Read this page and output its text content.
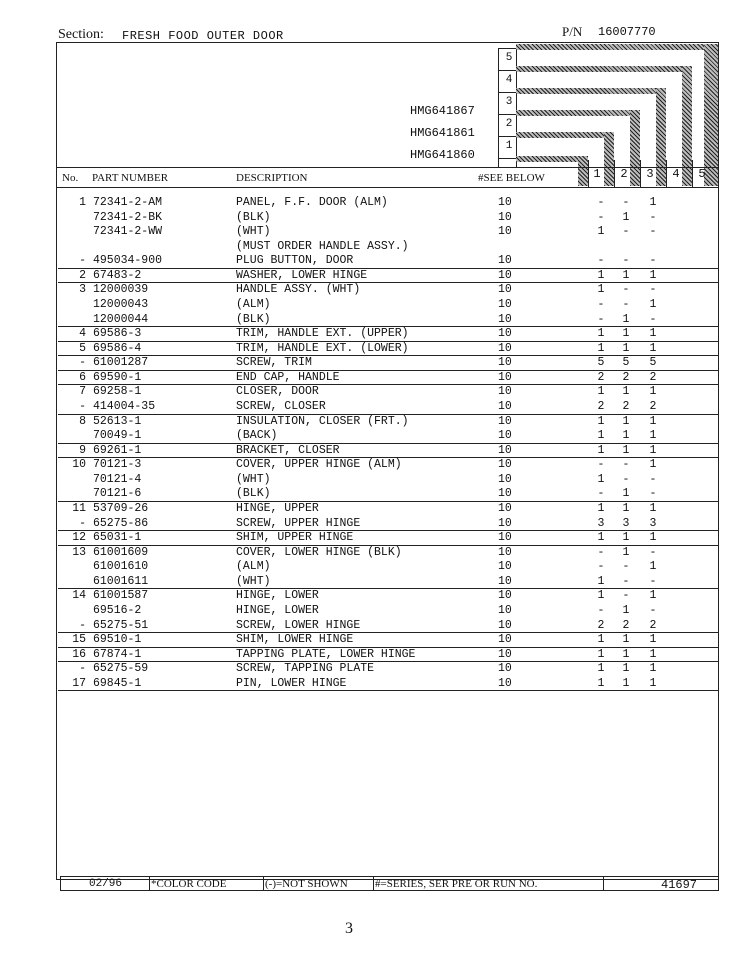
Section: FRESH FOOD OUTER DOOR	P/N 16007770
5
4
3
2
1
HMG641867
HMG641861
HMG641860
No. PART NUMBER	DESCRIPTION	#SEE BELOW	1 2 3 4 5
1 72341-2-AM	PANEL, F.F. DOOR (ALM)	10	-	-	1
72341-2-BK	(BLK)	10	-	1	-
72341-2-WW	(WHT)	10	1	-	-
(MUST ORDER HANDLE ASSY.)
- 495034-900	PLUG BUTTON, DOOR	10	-	-	-
2 67483-2	WASHER, LOWER HINGE	10	1	1	1
3 12000039	HANDLE ASSY. (WHT)	10	1	-	-
12000043	(ALM)	10	-	-	1
12000044	(BLK)	10	-	1	-
4 69586-3	TRIM, HANDLE EXT. (UPPER)	10	1	1	1
5 69586-4	TRIM, HANDLE EXT. (LOWER)	10	1	1	1
- 61001287	SCREW, TRIM	10	5	5	5
6 69590-1	END CAP, HANDLE	10	2	2	2
7 69258-1	CLOSER, DOOR	10	1	1	1
- 414004-35	SCREW, CLOSER	10	2	2	2
8 52613-1	INSULATION, CLOSER (FRT.)	10	1	1	1
70049-1	(BACK)	10	1	1	1
9 69261-1	BRACKET, CLOSER	10	1	1	1
10 70121-3	COVER, UPPER HINGE (ALM)	10	-	-	1
70121-4	(WHT)	10	1	-	-
70121-6	(BLK)	10	-	1	-
11 53709-26	HINGE, UPPER	10	1	1	1
- 65275-86	SCREW, UPPER HINGE	10	3	3	3
12 65031-1	SHIM, UPPER HINGE	10	1	1	1
13 61001609	COVER, LOWER HINGE (BLK)	10	-	1	-
61001610	(ALM)	10	-	-	1
61001611	(WHT)	10	1	-	-
14 61001587	HINGE, LOWER	10	1	-	1
69516-2	HINGE, LOWER	10	-	1	-
- 65275-51	SCREW, LOWER HINGE	10	2	2	2
15 69510-1	SHIM, LOWER HINGE	10	1	1	1
16 67874-1	TAPPING PLATE, LOWER HINGE	10	1	1	1
- 65275-59	SCREW, TAPPING PLATE	10	1	1	1
17 69845-1	PIN, LOWER HINGE	10	1	1	1
02/96	*COLOR CODE	(-)=NOT SHOWN #=SERIES, SER PRE OR RUN NO.	41697
3
